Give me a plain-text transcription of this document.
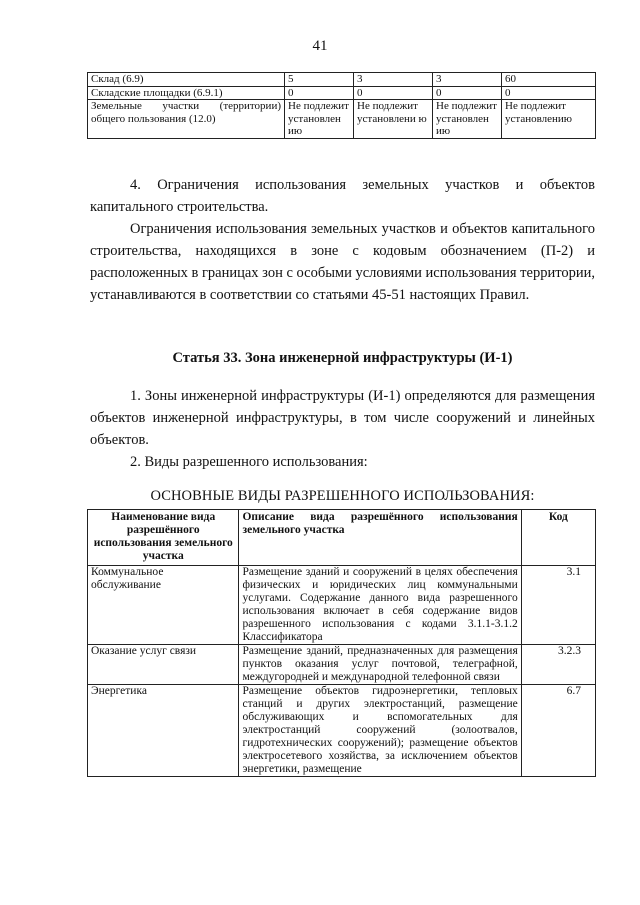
41
Склад (6.9)	5	3	3	60
Складские площадки (6.9.1)	0	0	0	0
Земельные участки (территории) общего пользования (12.0)	Не подлежит установлен ию	Не подлежит установлени ю	Не подлежит установлен ию	Не подлежит установлению

4. Ограничения использования земельных участков и объектов капитального строительства.

Ограничения использования земельных участков и объектов капитального строительства, находящихся в зоне с кодовым обозначением (П-2) и расположенных в границах зон с особыми условиями использования территории, устанавливаются в соответствии со статьями 45-51 настоящих Правил.

Статья 33. Зона инженерной инфраструктуры (И-1)

1. Зоны инженерной инфраструктуры (И-1) определяются для размещения объектов инженерной инфраструктуры, в том числе сооружений и линейных объектов.

2. Виды разрешенного использования:

ОСНОВНЫЕ ВИДЫ РАЗРЕШЕННОГО ИСПОЛЬЗОВАНИЯ:
Наименование вида разрешённого использования земельного участка	Описание вида разрешённого использования земельного участка	Код
Коммунальное обслуживание	Размещение зданий и сооружений в целях обеспечения физических и юридических лиц коммунальными услугами. Содержание данного вида разрешенного использования включает в себя содержание видов разрешенного использования с кодами 3.1.1-3.1.2 Классификатора	3.1
Оказание услуг связи	Размещение зданий, предназначенных для размещения пунктов оказания услуг почтовой, телеграфной, междугородней и международной телефонной связи	3.2.3
Энергетика	Размещение объектов гидроэнергетики, тепловых станций и других электростанций, размещение обслуживающих и вспомогательных для электростанций сооружений (золоотвалов, гидротехнических сооружений); размещение объектов электросетевого хозяйства, за исключением объектов энергетики, размещение	6.7
